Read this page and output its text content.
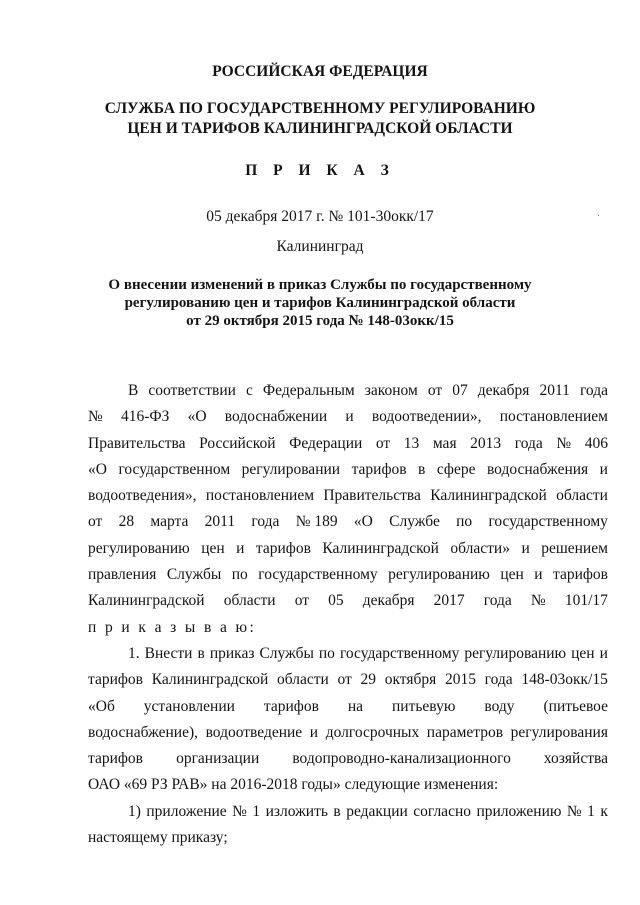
РОССИЙСКАЯ ФЕДЕРАЦИЯ

СЛУЖБА ПО ГОСУДАРСТВЕННОМУ РЕГУЛИРОВАНИЮ

ЦЕН И ТАРИФОВ КАЛИНИНГРАДСКОЙ ОБЛАСТИ

П Р И К А З

05 декабря 2017 г. № 101-30окк/17

Калининград

О внесении изменений в приказ Службы по государственному
регулированию цен и тарифов Калининградской области
от 29 октября 2015 года № 148-03окк/15
В соответствии с Федеральным законом от 07 декабря 2011 года
№ 416-ФЗ «О водоснабжении и водоотведении», постановлением
Правительства Российской Федерации от 13 мая 2013 года № 406
«О государственном регулировании тарифов в сфере водоснабжения и
водоотведения», постановлением Правительства Калининградской области
от 28 марта 2011 года № 189 «О Службе по государственному
регулированию цен и тарифов Калининградской области» и решением
правления Службы по государственному регулированию цен и тарифов
Калининградской области от 05 декабря 2017 года № 101/17
п р и к а з ы в а ю:
1. Внести в приказ Службы по государственному регулированию цен и
тарифов Калининградской области от 29 октября 2015 года 148-03окк/15
«Об установлении тарифов на питьевую воду (питьевое
водоснабжение), водоотведение и долгосрочных параметров регулирования
тарифов организации водопроводно-канализационного хозяйства
ОАО «69 РЗ РАВ» на 2016-2018 годы» следующие изменения:
1) приложение № 1 изложить в редакции согласно приложению № 1 к
настоящему приказу;
